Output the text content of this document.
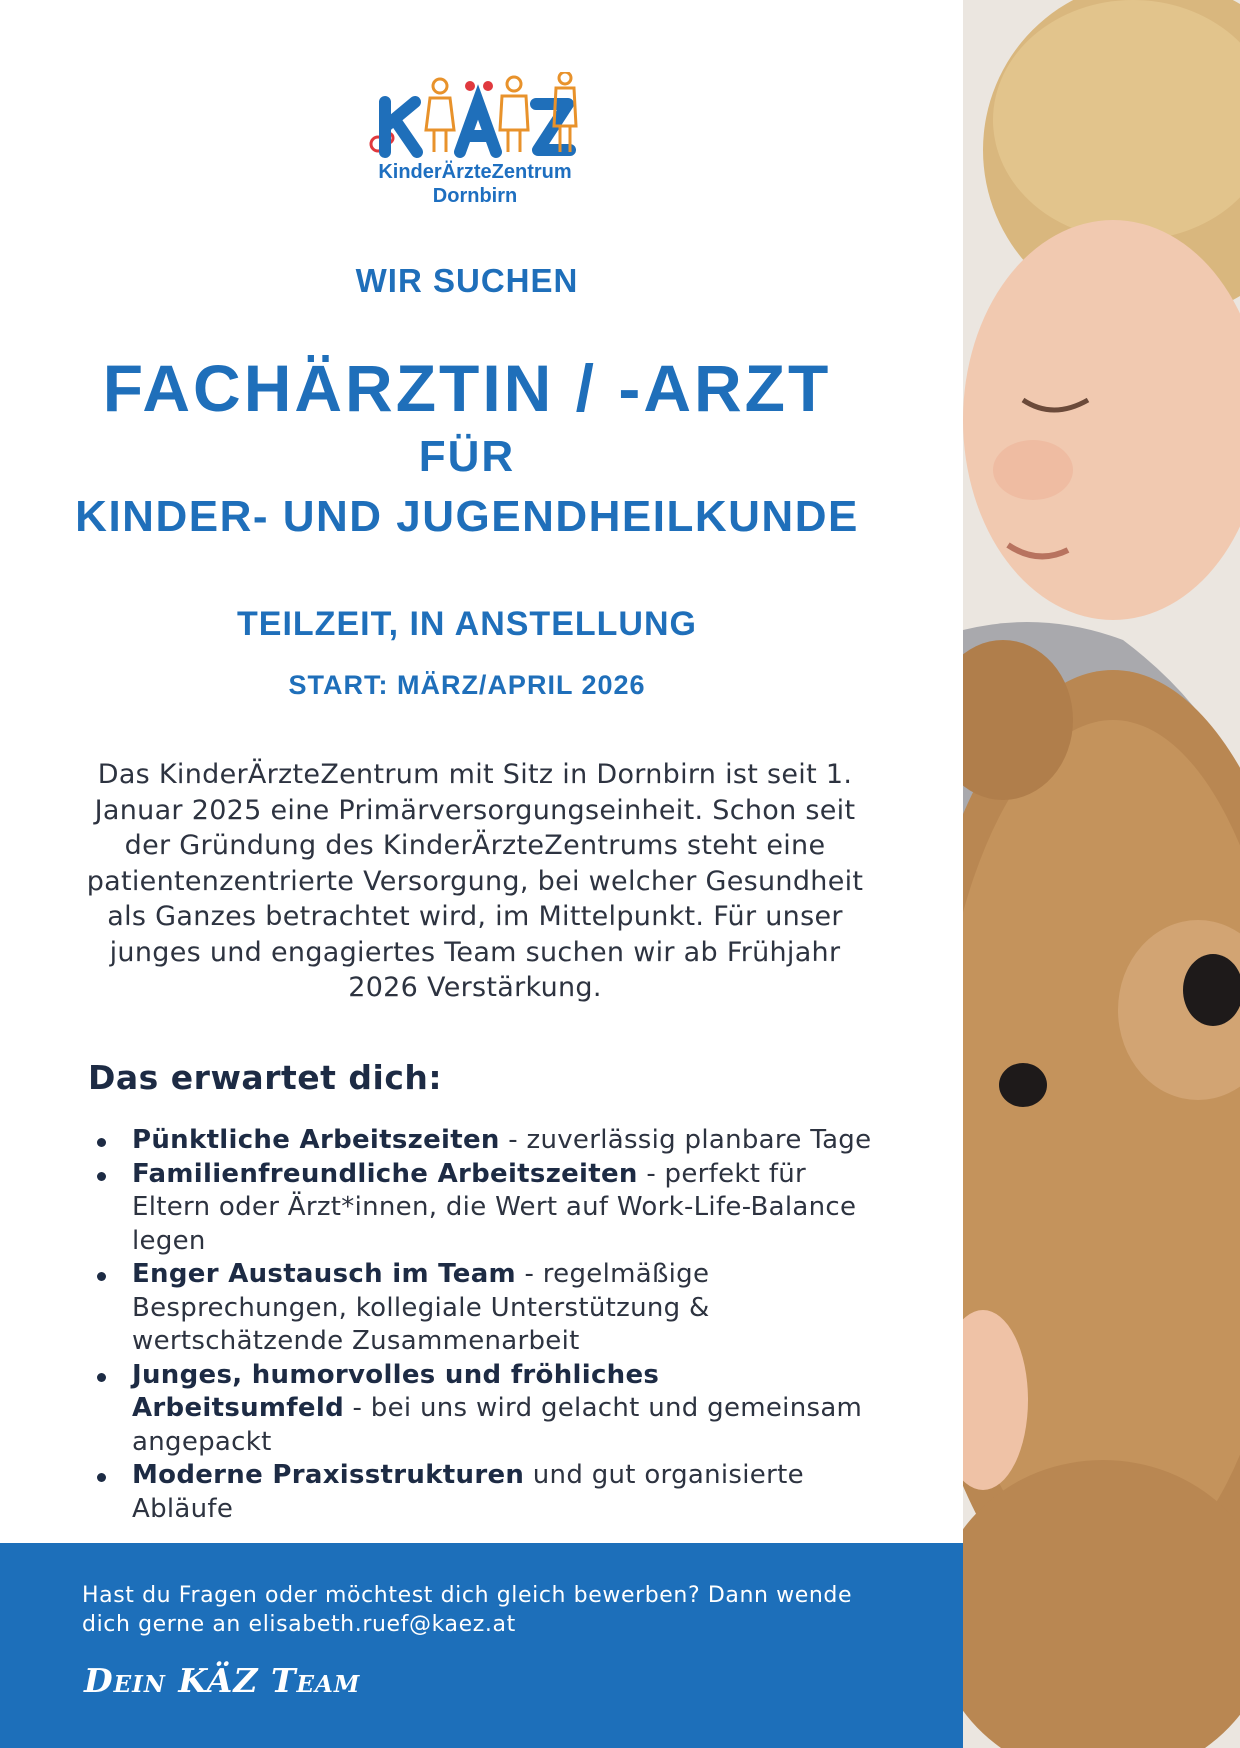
KinderÄrzteZentrum
Dornbirn
WIR SUCHEN
FACHÄRZTIN / -ARZT
FÜR
KINDER- UND JUGENDHEILKUNDE
TEILZEIT, IN ANSTELLUNG
START: MÄRZ/APRIL 2026
Das KinderÄrzteZentrum mit Sitz in Dornbirn ist seit 1. Januar 2025 eine Primärversorgungseinheit. Schon seit der Gründung des KinderÄrzteZentrums steht eine patientenzentrierte Versorgung, bei welcher Gesundheit als Ganzes betrachtet wird, im Mittelpunkt. Für unser junges und engagiertes Team suchen wir ab Frühjahr 2026 Verstärkung.
Das erwartet dich:
Pünktliche Arbeitszeiten - zuverlässig planbare Tage
Familienfreundliche Arbeitszeiten - perfekt für Eltern oder Ärzt*innen, die Wert auf Work-Life-Balance legen
Enger Austausch im Team - regelmäßige Besprechungen, kollegiale Unterstützung & wertschätzende Zusammenarbeit
Junges, humorvolles und fröhliches Arbeitsumfeld - bei uns wird gelacht und gemeinsam angepackt
Moderne Praxisstrukturen und gut organisierte Abläufe
Hast du Fragen oder möchtest dich gleich bewerben? Dann wende
dich gerne an elisabeth.ruef@kaez.at
Dein KÄZ Team
